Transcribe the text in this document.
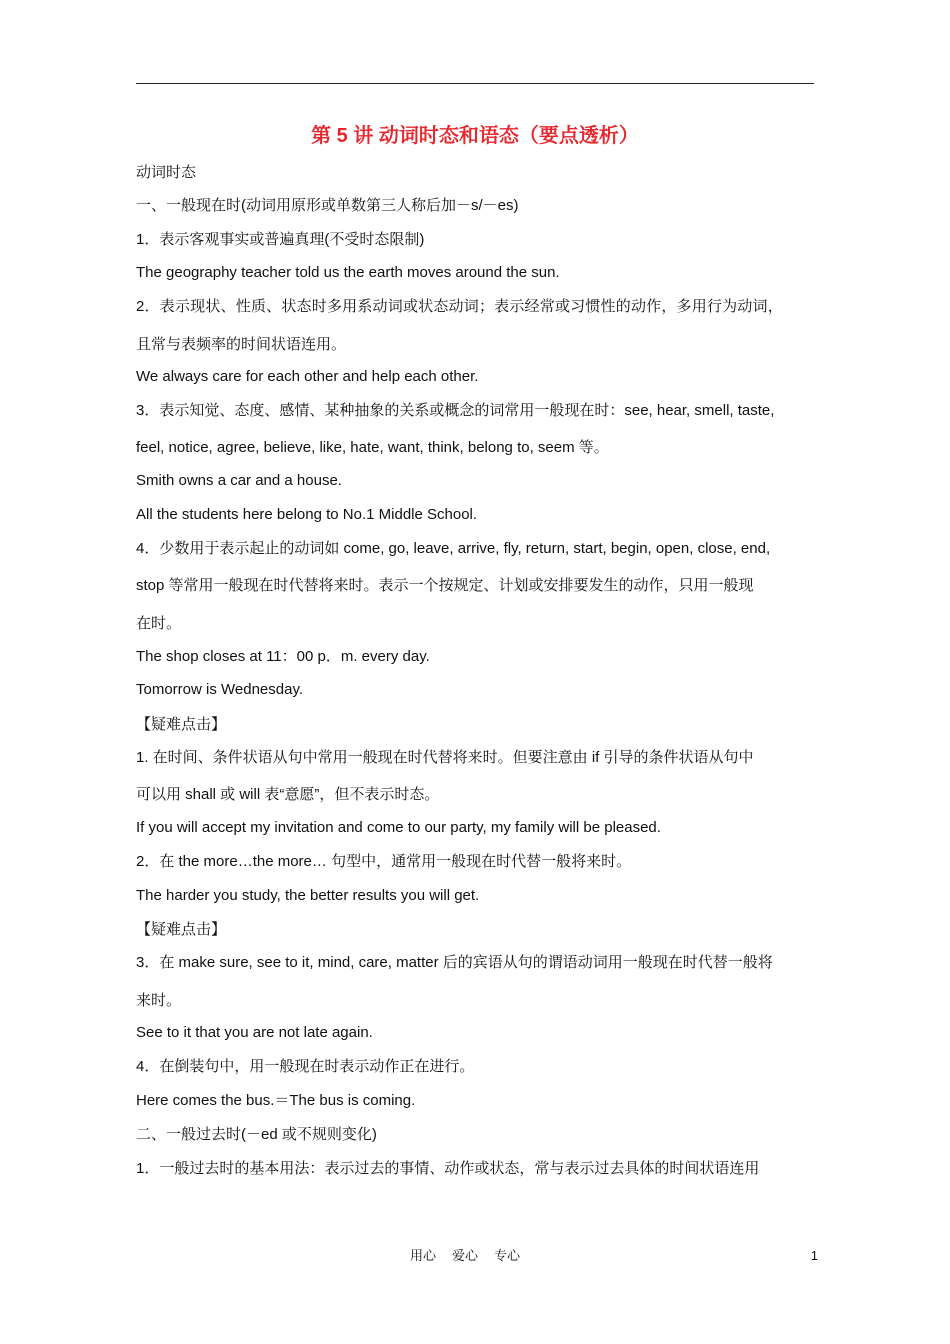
第 5 讲 动词时态和语态（要点透析）
动词时态
一、一般现在时(动词用原形或单数第三人称后加－s/－es)
1．表示客观事实或普遍真理(不受时态限制)
The geography teacher told us the earth moves around the sun.
2．表示现状、性质、状态时多用系动词或状态动词；表示经常或习惯性的动作，多用行为动词，
且常与表频率的时间状语连用。
We always care for each other and help each other.
3．表示知觉、态度、感情、某种抽象的关系或概念的词常用一般现在时：see, hear, smell, taste,
feel, notice, agree, believe, like, hate, want, think, belong to, seem 等。
Smith owns a car and a house.
All the students here belong to No.1 Middle School.
4．少数用于表示起止的动词如 come, go, leave, arrive, fly, return, start, begin, open, close, end,
stop 等常用一般现在时代替将来时。表示一个按规定、计划或安排要发生的动作，只用一般现
在时。
The shop closes at 11：00 p．m. every day.
Tomorrow is Wednesday.
【疑难点击】
1. 在时间、条件状语从句中常用一般现在时代替将来时。但要注意由 if 引导的条件状语从句中
可以用 shall 或 will 表“意愿”，但不表示时态。
If you will accept my invitation and come to our party, my family will be pleased.
2．在 the more…the more… 句型中，通常用一般现在时代替一般将来时。
The harder you study, the better results you will get.
【疑难点击】
3．在 make sure, see to it, mind, care, matter 后的宾语从句的谓语动词用一般现在时代替一般将
来时。
See to it that you are not late again.
4．在倒装句中，用一般现在时表示动作正在进行。
Here comes the bus.＝The bus is coming.
二、一般过去时(－ed 或不规则变化)
1．一般过去时的基本用法：表示过去的事情、动作或状态，常与表示过去具体的时间状语连用
用心 爱心 专心	1
